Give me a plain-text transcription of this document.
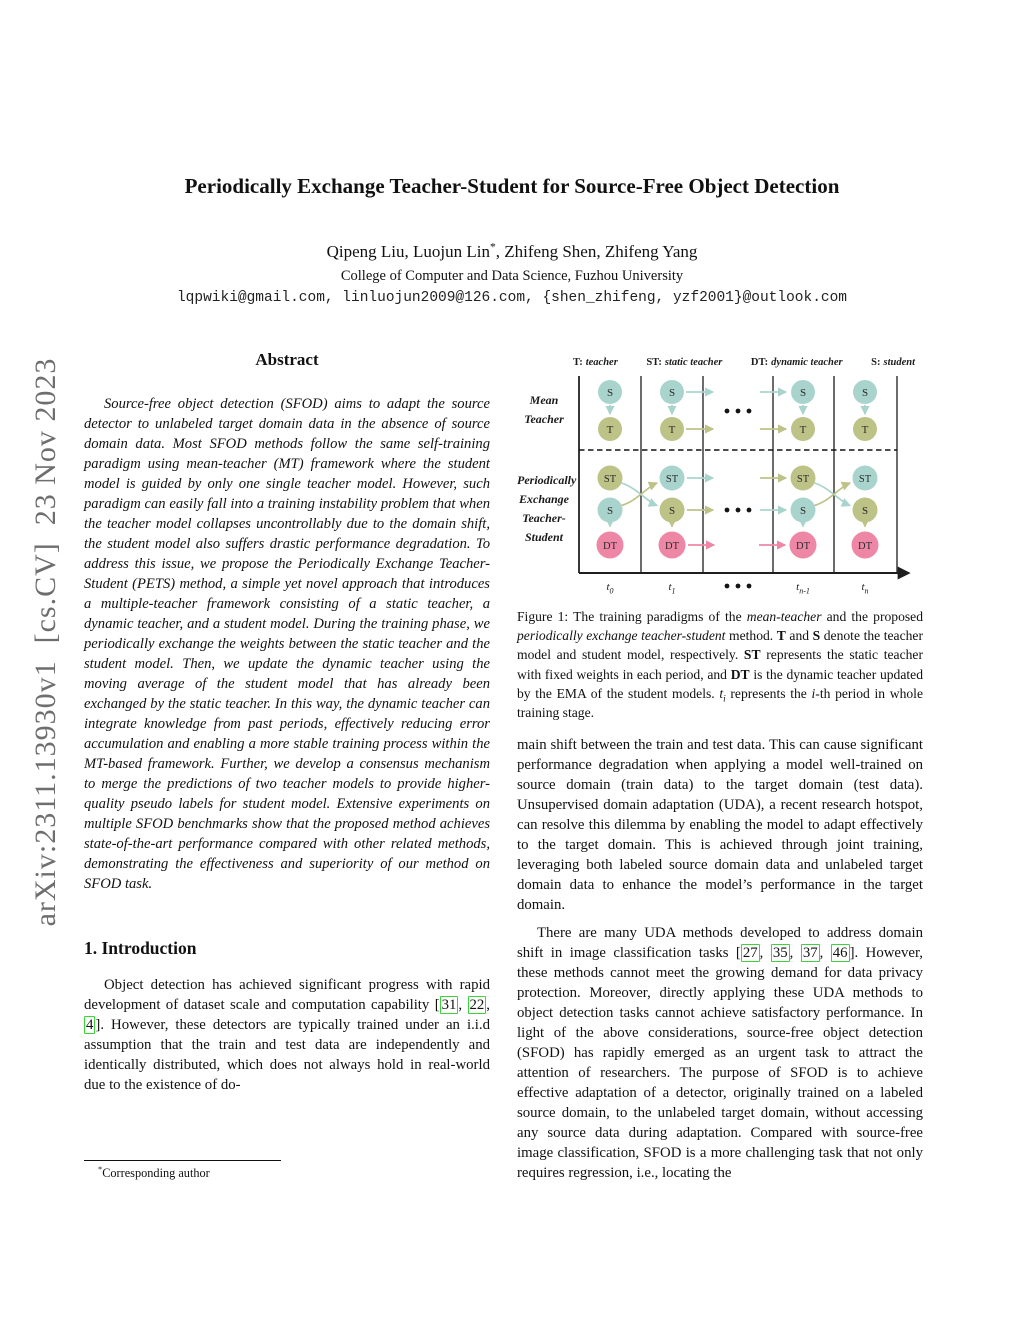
arXiv:2311.13930v1  [cs.CV]  23 Nov 2023
Periodically Exchange Teacher-Student for Source-Free Object Detection
Qipeng Liu, Luojun Lin*, Zhifeng Shen, Zhifeng Yang
College of Computer and Data Science, Fuzhou University
lqpwiki@gmail.com, linluojun2009@126.com, {shen_zhifeng, yzf2001}@outlook.com
Abstract

Source-free object detection (SFOD) aims to adapt the source detector to unlabeled target domain data in the absence of source domain data. Most SFOD methods follow the same self-training paradigm using mean-teacher (MT) framework where the student model is guided by only one single teacher model. However, such paradigm can easily fall into a training instability problem that when the teacher model collapses uncontrollably due to the domain shift, the student model also suffers drastic performance degradation. To address this issue, we propose the Periodically Exchange Teacher-Student (PETS) method, a simple yet novel approach that introduces a multiple-teacher framework consisting of a static teacher, a dynamic teacher, and a student model. During the training phase, we periodically exchange the weights between the static teacher and the student model. Then, we update the dynamic teacher using the moving average of the student model that has already been exchanged by the static teacher. In this way, the dynamic teacher can integrate knowledge from past periods, effectively reducing error accumulation and enabling a more stable training process within the MT-based framework. Further, we develop a consensus mechanism to merge the predictions of two teacher models to provide higher-quality pseudo labels for student model. Extensive experiments on multiple SFOD benchmarks show that the proposed method achieves state-of-the-art performance compared with other related methods, demonstrating the effectiveness and superiority of our method on SFOD task.

1. Introduction

Object detection has achieved significant progress with rapid development of dataset scale and computation capability [ 31 , 22 , 4 ]. However, these detectors are typically trained under an i.i.d assumption that the train and test data are independently and identically distributed, which does not always hold in real-world due to the existence of do-

*Corresponding author
T: teacher	ST: static teacher	DT: dynamic teacher	S: student
Mean
Teacher
Periodically
Exchange
Teacher-
Student
S
T
S
T
S
T
S
T
ST
S
DT
ST
S
DT
ST
S
DT
ST
S
DT
$t_0$	$t_1$	$t_{n-1}$	$t_n$
Figure 1: The training paradigms of the mean-teacher and the proposed periodically exchange teacher-student method. T and S denote the teacher model and student model, respectively. ST represents the static teacher with fixed weights in each period, and DT is the dynamic teacher updated by the EMA of the student models. $t_i$ represents the i-th period in whole training stage.

main shift between the train and test data. This can cause significant performance degradation when applying a model well-trained on source domain (train data) to the target domain (test data). Unsupervised domain adaptation (UDA), a recent research hotspot, can resolve this dilemma by enabling the model to adapt effectively to the target domain. This is achieved through joint training, leveraging both labeled source domain data and unlabeled target domain data to enhance the model’s performance in the target domain.

There are many UDA methods developed to address domain shift in image classification tasks [ 27 , 35 , 37 , 46 ]. However, these methods cannot meet the growing demand for data privacy protection. Moreover, directly applying these UDA methods to object detection tasks cannot achieve satisfactory performance. In light of the above considerations, source-free object detection (SFOD) has rapidly emerged as an urgent task to attract the attention of researchers. The purpose of SFOD is to achieve effective adaptation of a detector, originally trained on a labeled source domain, to the unlabeled target domain, without accessing any source data during adaptation. Compared with source-free image classification, SFOD is a more challenging task that not only requires regression, i.e., locating the
